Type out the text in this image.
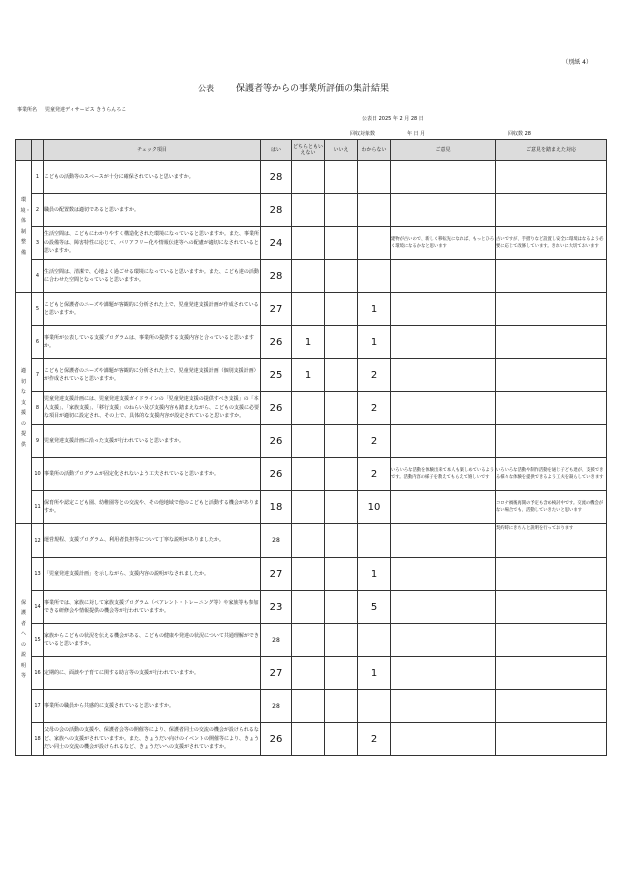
（別紙 4）
公表 保護者等からの事業所評価の集計結果
事業所名 児童発達ディサービス きうらんろこ
公表日 2025 年 2 月 28 日
回収対象数	年 日 月	回収数 28
		チェック項目	はい	どちらともいえない	いいえ	わからない	ご意見	ご意見を踏まえた対応
環境・体制整備	1	こどもの活動等のスペースが十分に確保されていると思いますか。	28					
	2	職員の配置数は適切であると思いますか。	28					
	3	生活空間は、こどもにわかりやすく構造化された環境になっていると思いますか。また、事業所の設備等は、障害特性に応じて、バリアフリー化や情報伝達等への配慮が適切になされていると思いますか。	24				建物が古いので、新しく移転先になれば、もっとひろく環境になるかなと思います	古いですが、手摺りなど設置し安全に環境はなるよう必要に応じて改修しています。きれいに大切ておいます
	4	生活空間は、清潔で、心地よく過ごせる環境になっていると思いますか。また、こども達の活動に合わせた空間となっていると思いますか。	28					
適切な支援の提供	5	こどもと保護者のニーズや課題が客観的に分析された上で、児童発達支援計画が作成されていると思いますか。	27			1		
	6	事業所が公表している支援プログラムは、事業所の提供する支援内容と合っていると思いますか。	26	1		1		
	7	こどもと保護者のニーズや課題が客観的に分析された上で、児童発達支援計画（個別支援計画）が作成されていると思いますか。	25	1		2		
	8	児童発達支援計画には、児童発達支援ガイドラインの「児童発達支援の提供すべき支援」の「本人支援」、「家族支援」、「移行支援」のねらい及び支援内容も踏まえながら、こどもの支援に必要な項目が適切に設定され、その上で、具体的な支援内容が設定されていると思いますか。	26			2		
	9	児童発達支援計画に沿った支援が行われていると思いますか。	26			2		
	10	事業所の活動プログラムが固定化されないよう工夫されていると思いますか。	26			2	いろいろな活動を体験出来て本人も楽しめているようです。活動内容の様子を教えてもらえて嬉しいです	いろいろな活動や制作活動を通じ子ども達が、支援できる様々な体験を提供できるよう工夫を凝らしていきます
	11	保育所や認定こども園、幼稚園等との交流や、その他地域で他のこどもと活動する機会がありますか。	18			10		コロナ禍後再開の予定も含め検討中です。交流の機会がない場合でも、活動していきたいと思います
保護者への説明等	12	運営規程、支援プログラム、利用者負担等について丁寧な説明がありましたか。	28					契約時にきちんと説明を行っております
	13	「児童発達支援計画」を示しながら、支援内容の説明がなされましたか。	27			1		
	14	事業所では、家族に対して家族支援プログラム（ペアレント・トレーニング等）や家族等も参加できる研修会や情報提供の機会等が行われていますか。	23			5		
	15	家族からこどもの状況を伝える機会がある、こどもの健康や発達の状況について共通理解ができていると思いますか。	28					
	16	定期的に、面談や子育てに関する助言等の支援が行われていますか。	27			1		
	17	事業所の職員から共感的に支援されていると思いますか。	28					
	18	父母の会の活動の支援や、保護者会等の開催等により、保護者同士の交流の機会が設けられるなど、家族への支援がされていますか。また、きょうだい向けのイベントの開催等により、きょうだい同士の交流の機会が設けられるなど、きょうだいへの支援がされていますか。	26			2		
